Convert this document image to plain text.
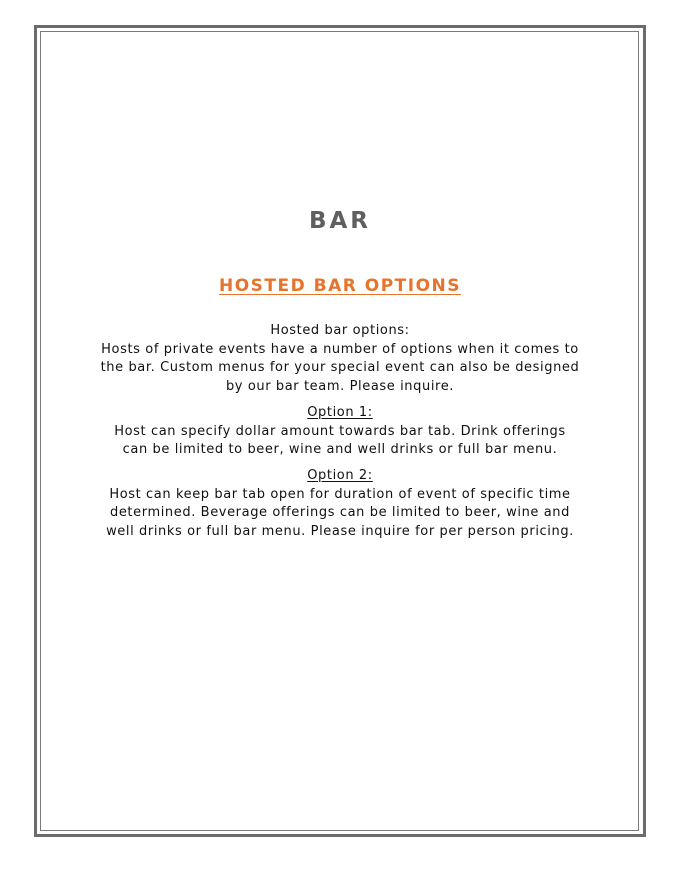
BAR
HOSTED BAR OPTIONS
Hosted bar options:
Hosts of private events have a number of options when it comes to the bar. Custom menus for your special event can also be designed by our bar team. Please inquire.
Option 1:
Host can specify dollar amount towards bar tab. Drink offerings can be limited to beer, wine and well drinks or full bar menu.
Option 2:
Host can keep bar tab open for duration of event of specific time determined. Beverage offerings can be limited to beer, wine and well drinks or full bar menu. Please inquire for per person pricing.
